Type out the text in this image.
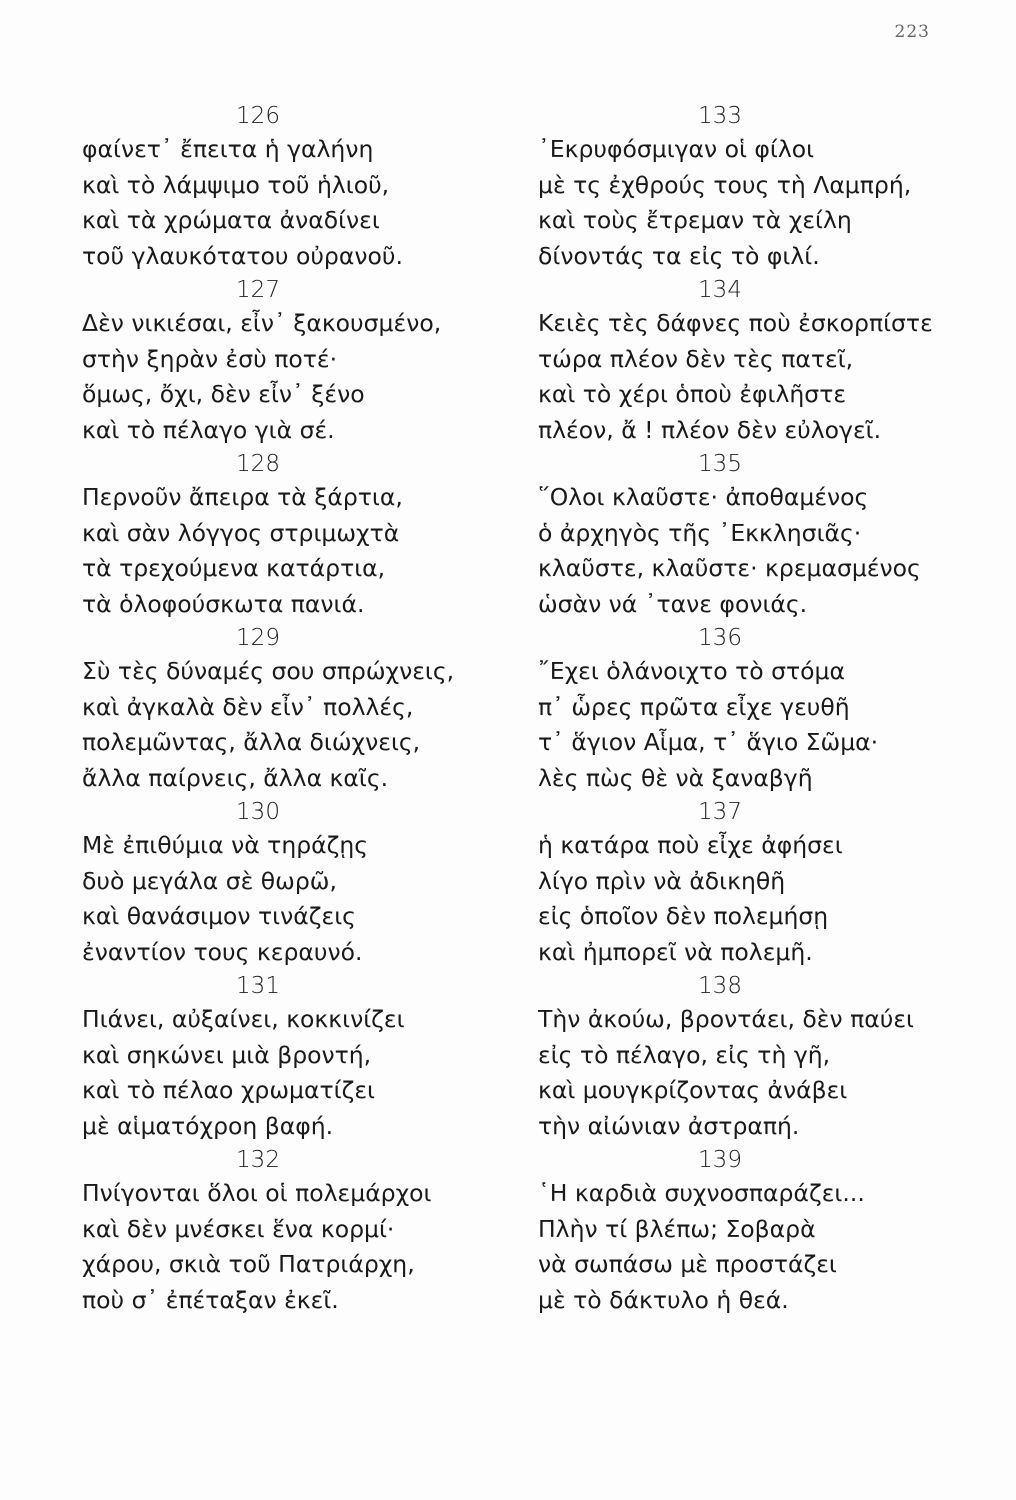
223
126
φαίνετ᾽ ἔπειτα ἡ γαλήνη
καὶ τὸ λάμψιμο τοῦ ἡλιοῦ,
καὶ τὰ χρώματα ἀναδίνει
τοῦ γλαυκότατου οὐρανοῦ.
127
Δὲν νικιέσαι, εἶν᾽ ξακουσμένο,
στὴν ξηρὰν ἐσὺ ποτέ·
ὅμως, ὄχι, δὲν εἶν᾽ ξένο
καὶ τὸ πέλαγο γιὰ σέ.
128
Περνοῦν ἄπειρα τὰ ξάρτια,
καὶ σὰν λόγγος στριμωχτὰ
τὰ τρεχούμενα κατάρτια,
τὰ ὁλοφούσκωτα πανιά.
129
Σὺ τὲς δύναμές σου σπρώχνεις,
καὶ ἀγκαλὰ δὲν εἶν᾽ πολλές,
πολεμῶντας, ἄλλα διώχνεις,
ἄλλα παίρνεις, ἄλλα καῖς.
130
Μὲ ἐπιθύμια νὰ τηράζῃς
δυὸ μεγάλα σὲ θωρῶ,
καὶ θανάσιμον τινάζεις
ἐναντίον τους κεραυνό.
131
Πιάνει, αὐξαίνει, κοκκινίζει
καὶ σηκώνει μιὰ βροντή,
καὶ τὸ πέλαο χρωματίζει
μὲ αἱματόχροη βαφή.
132
Πνίγονται ὅλοι οἱ πολεμάρχοι
καὶ δὲν μνέσκει ἕνα κορμί·
χάρου, σκιὰ τοῦ Πατριάρχη,
ποὺ σ᾽ ἐπέταξαν ἐκεῖ.
133
᾿Εκρυφόσμιγαν οἱ φίλοι
μὲ τς ἐχθρούς τους τὴ Λαμπρή,
καὶ τοὺς ἔτρεμαν τὰ χείλη
δίνοντάς τα εἰς τὸ φιλί.
134
Κειὲς τὲς δάφνες ποὺ ἐσκορπίστε
τώρα πλέον δὲν τὲς πατεῖ,
καὶ τὸ χέρι ὁποὺ ἐφιλῆστε
πλέον, ἄ ! πλέον δὲν εὐλογεῖ.
135
῞Ολοι κλαῦστε· ἀποθαμένος
ὁ ἀρχηγὸς τῆς ᾿Εκκλησιᾶς·
κλαῦστε, κλαῦστε· κρεμασμένος
ὡσὰν νά ᾽τανε φονιάς.
136
῎Εχει ὁλάνοιχτο τὸ στόμα
π᾽ ὧρες πρῶτα εἶχε γευθῆ
τ᾽ ἅγιον Αἷμα, τ᾽ ἅγιο Σῶμα·
λὲς πὼς θὲ νὰ ξαναβγῆ
137
ἡ κατάρα ποὺ εἶχε ἀφήσει
λίγο πρὶν νὰ ἀδικηθῆ
εἰς ὁποῖον δὲν πολεμήσῃ
καὶ ἠμπορεῖ νὰ πολεμῆ.
138
Τὴν ἀκούω, βροντάει, δὲν παύει
εἰς τὸ πέλαγο, εἰς τὴ γῆ,
καὶ μουγκρίζοντας ἀνάβει
τὴν αἰώνιαν ἀστραπή.
139
῾Η καρδιὰ συχνοσπαράζει...
Πλὴν τί βλέπω; Σοβαρὰ
νὰ σωπάσω μὲ προστάζει
μὲ τὸ δάκτυλο ἡ θεά.
